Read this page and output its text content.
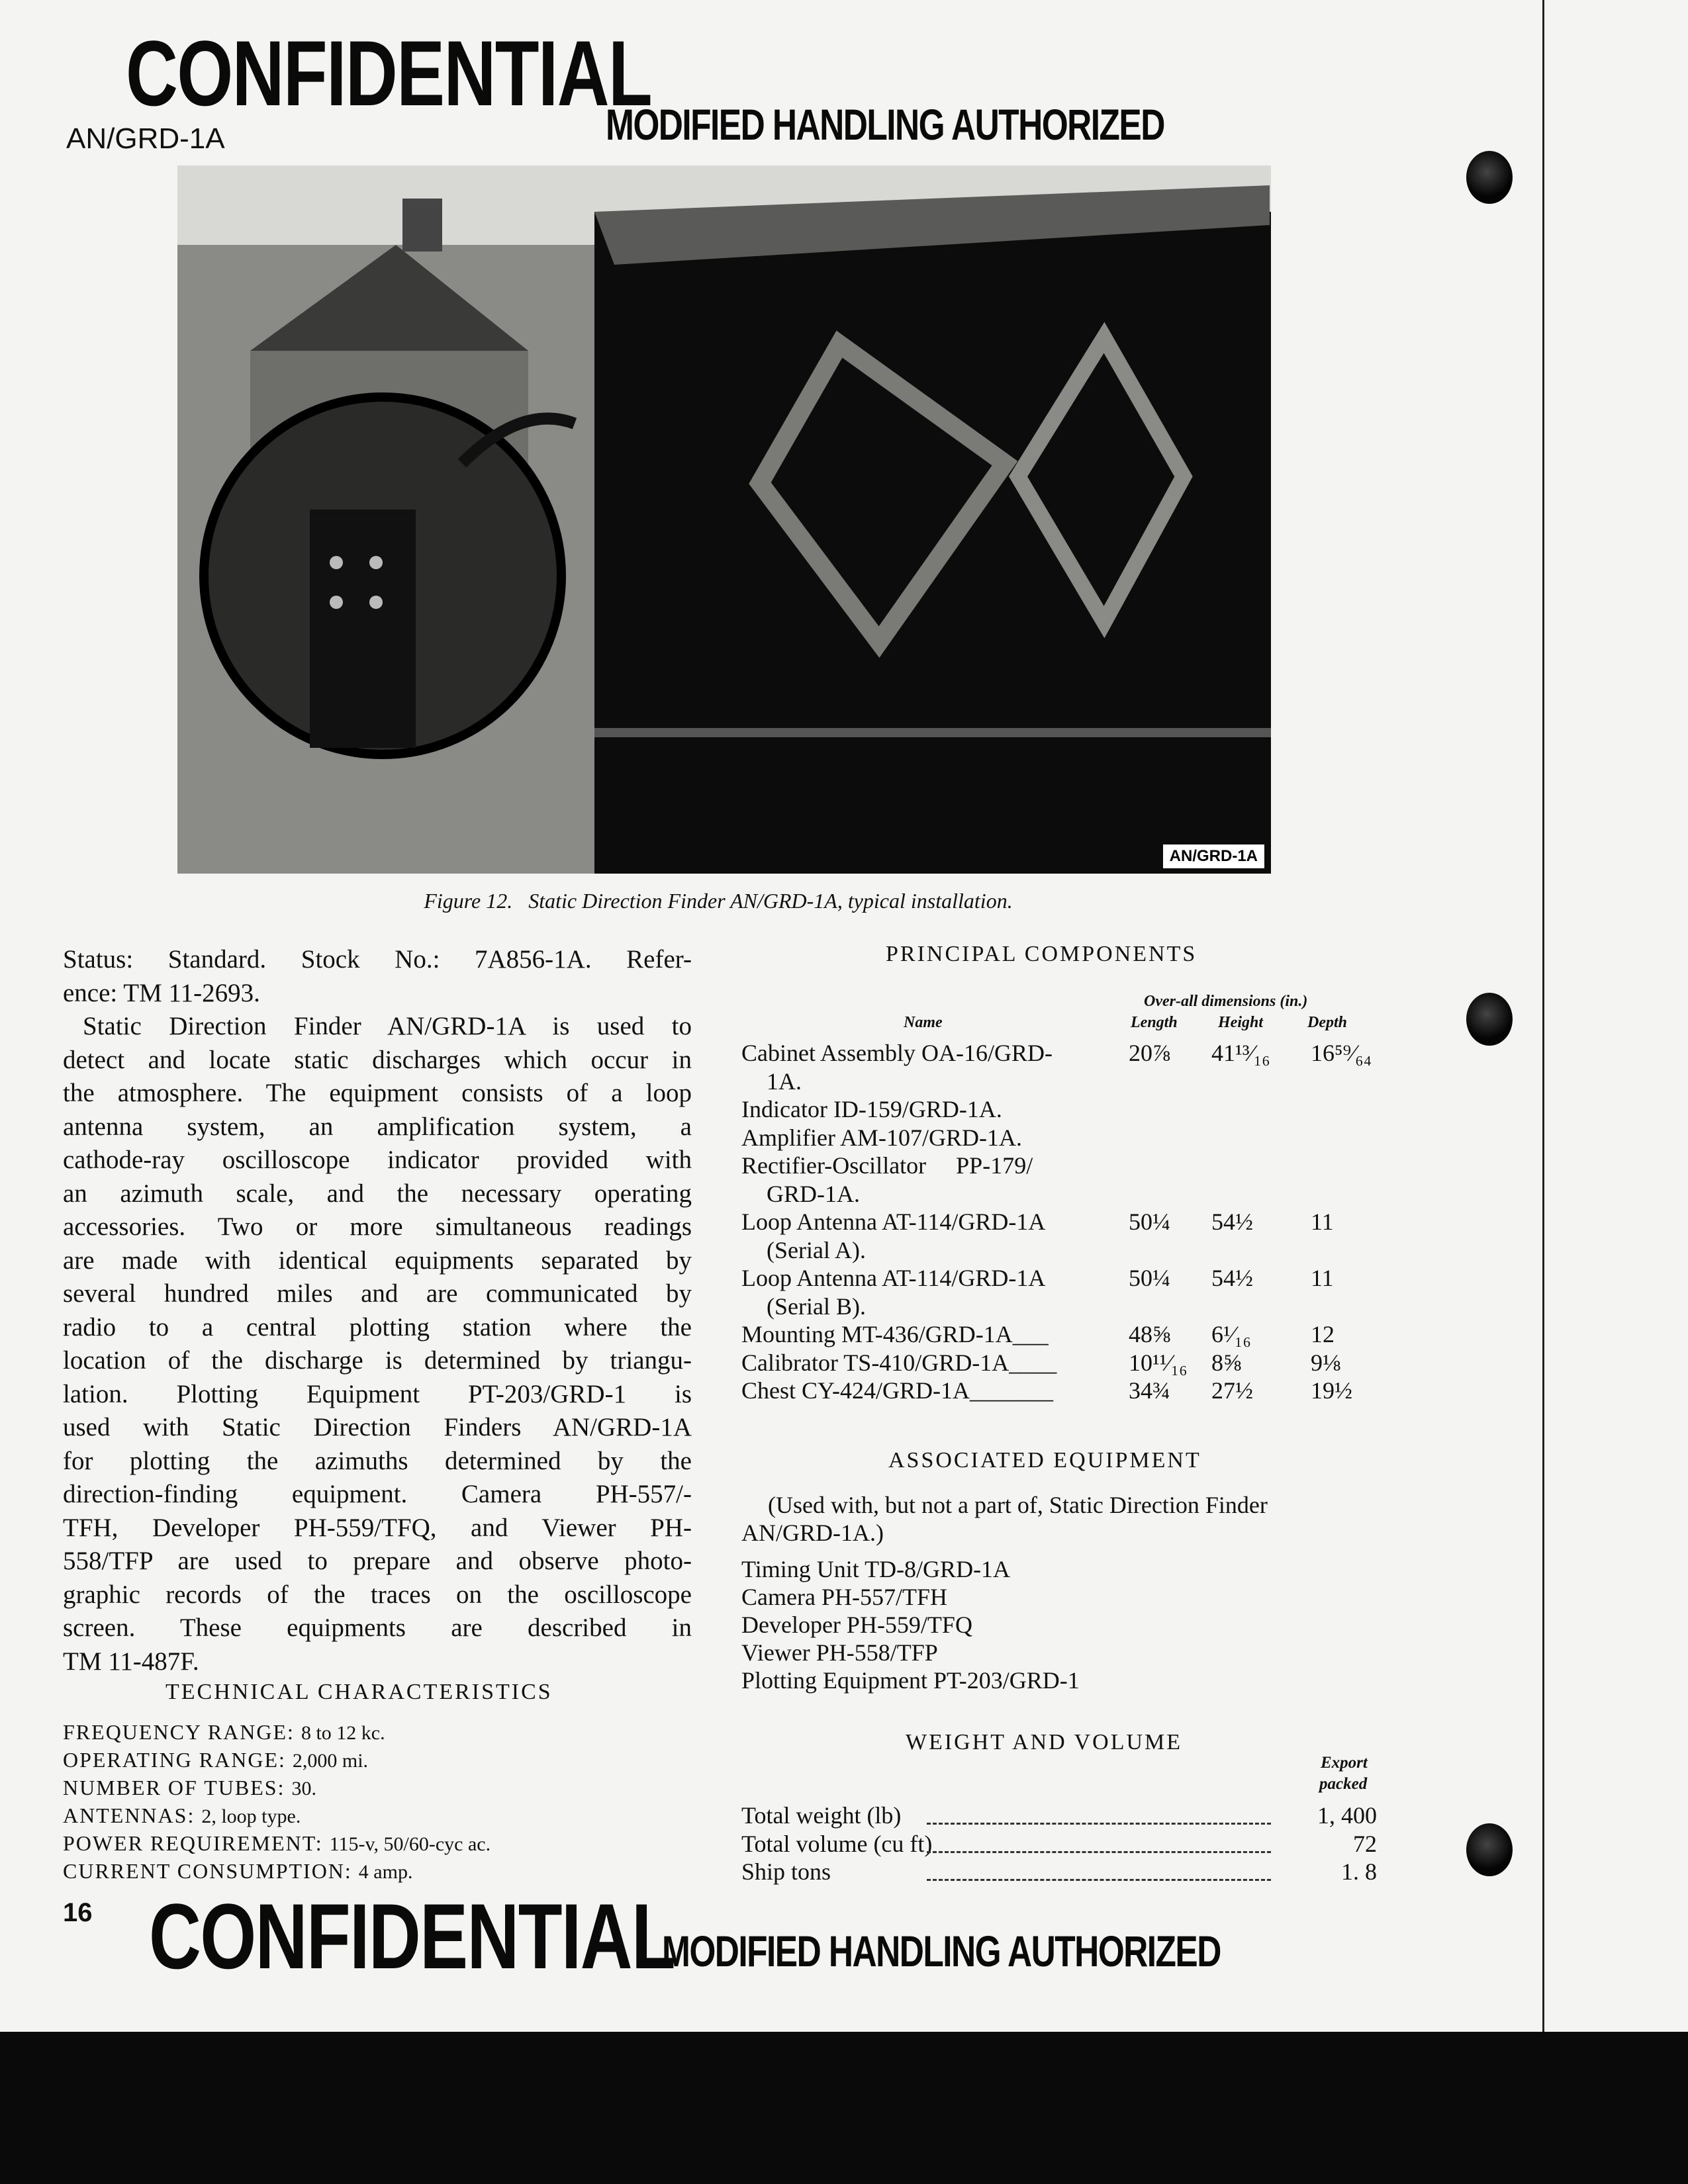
CONFIDENTIAL
AN/GRD-1A	MODIFIED HANDLING AUTHORIZED
AN/GRD-1A
Figure 12.   Static Direction Finder AN/GRD-1A, typical installation.
Status: Standard. Stock No.: 7A856-1A. Refer-
ence: TM 11-2693.
Static Direction Finder AN/GRD-1A is used to
detect and locate static discharges which occur in
the atmosphere. The equipment consists of a loop
antenna system, an amplification system, a
cathode-ray oscilloscope indicator provided with
an azimuth scale, and the necessary operating
accessories. Two or more simultaneous readings
are made with identical equipments separated by
several hundred miles and are communicated by
radio to a central plotting station where the
location of the discharge is determined by triangu-
lation. Plotting Equipment PT-203/GRD-1 is
used with Static Direction Finders AN/GRD-1A
for plotting the azimuths determined by the
direction-finding equipment. Camera PH-557/-
TFH, Developer PH-559/TFQ, and Viewer PH-
558/TFP are used to prepare and observe photo-
graphic records of the traces on the oscilloscope
screen. These equipments are described in
TM 11-487F.
TECHNICAL CHARACTERISTICS
FREQUENCY RANGE: 8 to 12 kc.
OPERATING RANGE: 2,000 mi.
NUMBER OF TUBES: 30.
ANTENNAS: 2, loop type.
POWER REQUIREMENT: 115-v, 50/60-cyc ac.
CURRENT CONSUMPTION: 4 amp.
PRINCIPAL COMPONENTS
Over-all dimensions (in.)
Name	Length	Height	Depth
Cabinet Assembly OA-16/GRD-	20⅞ 41¹³⁄₁₆ 16⁵⁹⁄₆₄
1A.
Indicator ID-159/GRD-1A.
Amplifier AM-107/GRD-1A.
Rectifier-Oscillator     PP-179/
GRD-1A.
Loop Antenna AT-114/GRD-1A	50¼ 54½ 11
(Serial A).
Loop Antenna AT-114/GRD-1A	50¼ 54½ 11
(Serial B).
Mounting MT-436/GRD-1A___	48⅝ 6¹⁄₁₆	12
Calibrator TS-410/GRD-1A____	10¹¹⁄₁₆ 8⅝	9⅛
Chest CY-424/GRD-1A_______	34¾ 27½ 19½
ASSOCIATED EQUIPMENT
(Used with, but not a part of, Static Direction Finder
AN/GRD-1A.)
Timing Unit TD-8/GRD-1A
Camera PH-557/TFH
Developer PH-559/TFQ
Viewer PH-558/TFP
Plotting Equipment PT-203/GRD-1
WEIGHT AND VOLUME
Export
packed
Total weight (lb)	1, 400
Total volume (cu ft)	72
Ship tons	1. 8
16 CONFIDENTIAL
MODIFIED HANDLING AUTHORIZED
